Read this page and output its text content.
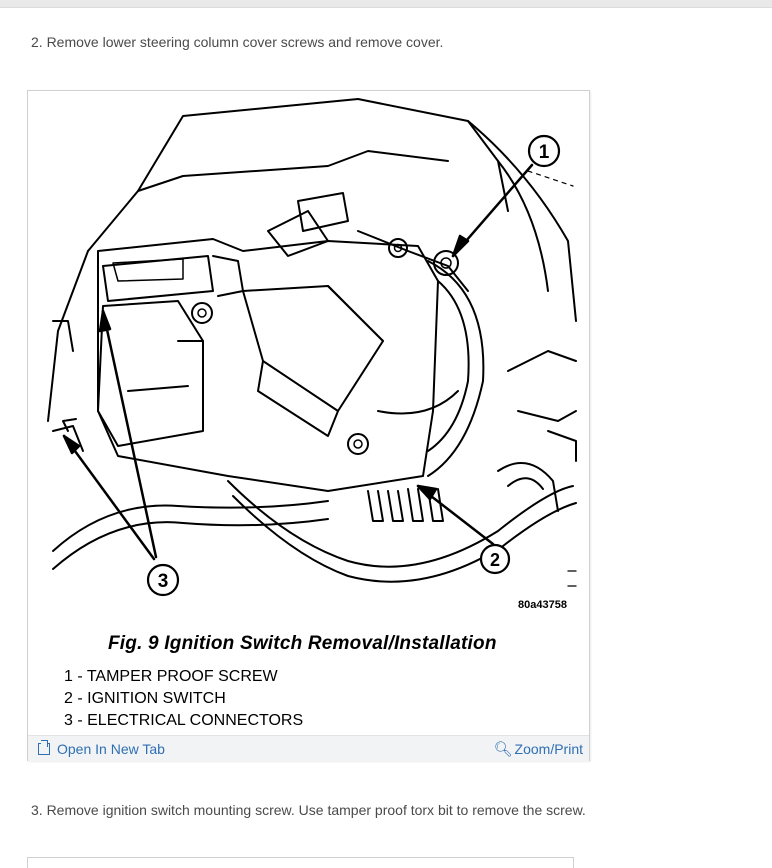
2. Remove lower steering column cover screws and remove cover.
1
2
3
80a43758
Fig. 9 Ignition Switch Removal/Installation
1 - TAMPER PROOF SCREW
2 - IGNITION SWITCH
3 - ELECTRICAL CONNECTORS
Open In New Tab	🔍︎ Zoom/Print
3. Remove ignition switch mounting screw. Use tamper proof torx bit to remove the screw.
